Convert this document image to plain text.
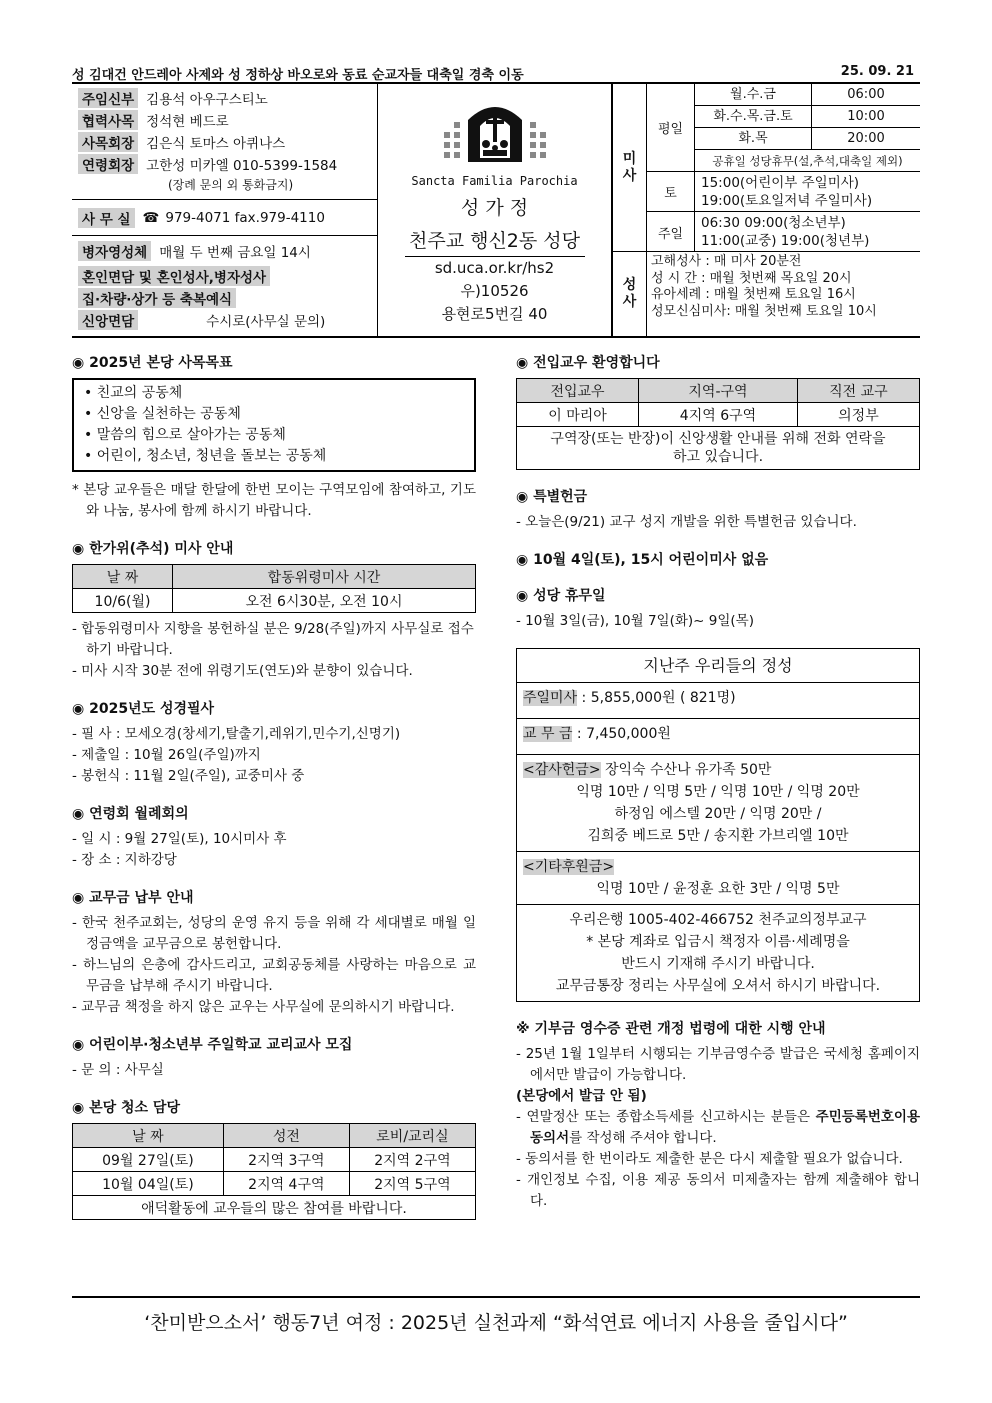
성 김대건 안드레아 사제와 성 정하상 바오로와 동료 순교자들 대축일 경축 이동	25. 09. 21
주임신부 김용석 아우구스티노
협력사목 정석현 베드로
사목회장 김은식 토마스 아퀴나스
연령회장 고한성 미카엘 010-5399-1584
(장례 문의 외 통화금지)
사 무 실 ☎ 979-4071 fax.979-4110
병자영성체 매월 두 번째 금요일 14시
혼인면담 및 혼인성사,병자성사
집·차량·상가 등 축복예식
신앙면담	수시로(사무실 문의)
Sancta Familia Parochia
성 가 정
천주교 행신2동 성당
sd.uca.or.kr/hs2
우)10526
용현로5번길 40
미
사
평일
월.수.금	06:00
화.수.목.금.토	10:00
화.목	20:00
공휴일 성당휴무(설,추석,대축일 제외)
토
15:00(어린이부 주일미사)
19:00(토요일저녁 주일미사)
주일
06:30 09:00(청소년부)
11:00(교중) 19:00(청년부)
성
사
고해성사 : 매 미사 20분전
성 시 간 : 매월 첫번째 목요일 20시
유아세례 : 매월 첫번째 토요일 16시
성모신심미사: 매월 첫번째 토요일 10시
◉ 2025년 본당 사목목표
• 친교의 공동체
• 신앙을 실천하는 공동체
• 말씀의 힘으로 살아가는 공동체
• 어린이, 청소년, 청년을 돌보는 공동체
* 본당 교우들은 매달 한달에 한번 모이는 구역모임에 참여하고, 기도와 나눔, 봉사에 함께 하시기 바랍니다.
◉ 한가위(추석) 미사 안내
날 짜	합동위령미사 시간
10/6(월)	오전 6시30분, 오전 10시
- 합동위령미사 지향을 봉헌하실 분은 9/28(주일)까지 사무실로 접수하기 바랍니다.
- 미사 시작 30분 전에 위령기도(연도)와 분향이 있습니다.
◉ 2025년도 성경필사
- 필 사 : 모세오경(창세기,탈출기,레위기,민수기,신명기)
- 제출일 : 10월 26일(주일)까지
- 봉헌식 : 11월 2일(주일), 교중미사 중
◉ 연령회 월례회의
- 일 시 : 9월 27일(토), 10시미사 후
- 장 소 : 지하강당
◉ 교무금 납부 안내
- 한국 천주교회는, 성당의 운영 유지 등을 위해 각 세대별로 매월 일정금액을 교무금으로 봉헌합니다.
- 하느님의 은총에 감사드리고, 교회공동체를 사랑하는 마음으로 교무금을 납부해 주시기 바랍니다.
- 교무금 책정을 하지 않은 교우는 사무실에 문의하시기 바랍니다.
◉ 어린이부·청소년부 주일학교 교리교사 모집
- 문 의 : 사무실
◉ 본당 청소 담당
날 짜	성전	로비/교리실
09월 27일(토)	2지역 3구역	2지역 2구역
10월 04일(토)	2지역 4구역	2지역 5구역
애덕활동에 교우들의 많은 참여를 바랍니다.		
◉ 전입교우 환영합니다
전입교우	지역-구역	직전 교구
이 마리아	4지역 6구역	의정부
구역장(또는 반장)이 신앙생활 안내를 위해 전화 연락을 하고 있습니다.		
◉ 특별헌금
- 오늘은(9/21) 교구 성지 개발을 위한 특별헌금 있습니다.
◉ 10월 4일(토), 15시 어린이미사 없음
◉ 성당 휴무일
- 10월 3일(금), 10월 7일(화)~ 9일(목)
지난주 우리들의 정성
주일미사 : 5,855,000원 ( 821명)
교 무 금 : 7,450,000원
<감사헌금> 장익숙 수산나 유가족 50만
익명 10만 / 익명 5만 / 익명 10만 / 익명 20만
하정임 에스텔 20만 / 익명 20만 /
김희중 베드로 5만 / 송지환 가브리엘 10만
<기타후원금>
익명 10만 / 윤정훈 요한 3만 / 익명 5만
우리은행 1005-402-466752 천주교의정부교구
* 본당 계좌로 입금시 책정자 이름·세례명을
반드시 기재해 주시기 바랍니다.
교무금통장 정리는 사무실에 오셔서 하시기 바랍니다.
※ 기부금 영수증 관련 개정 법령에 대한 시행 안내
- 25년 1월 1일부터 시행되는 기부금영수증 발급은 국세청 홈페이지에서만 발급이 가능합니다.
(본당에서 발급 안 됨)
- 연말정산 또는 종합소득세를 신고하시는 분들은 주민등록번호이용동의서를 작성해 주셔야 합니다.
- 동의서를 한 번이라도 제출한 분은 다시 제출할 필요가 없습니다.
- 개인정보 수집, 이용 제공 동의서 미제출자는 함께 제출해야 합니다.
‘찬미받으소서’ 행동7년 여정 : 2025년 실천과제 “화석연료 에너지 사용을 줄입시다”
